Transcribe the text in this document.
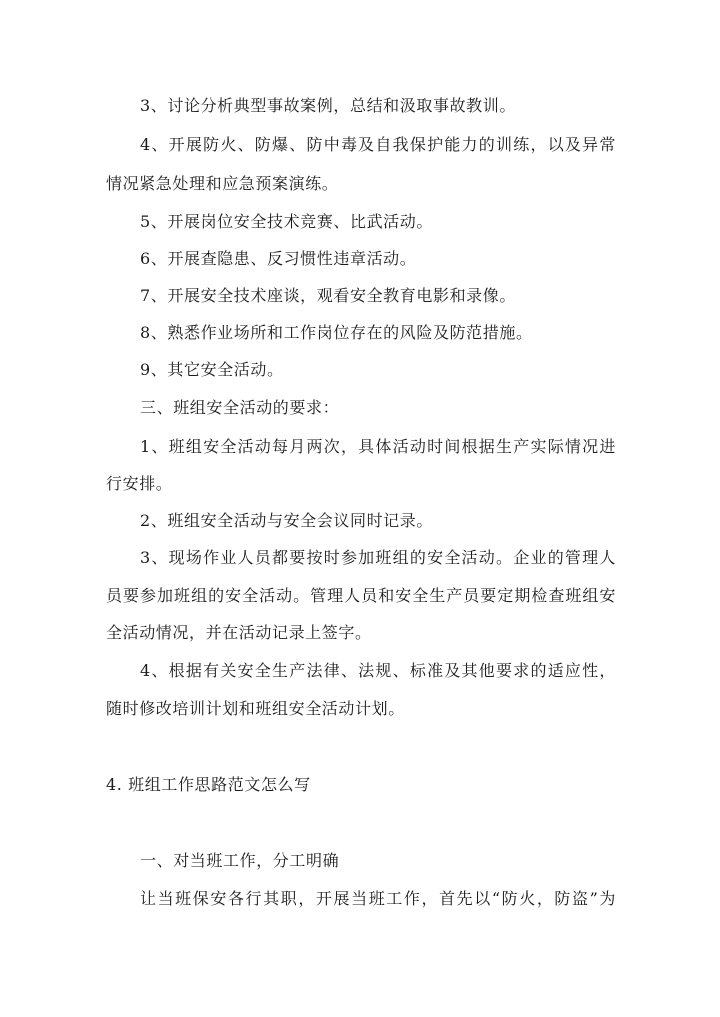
3、讨论分析典型事故案例，总结和汲取事故教训。
4、开展防火、防爆、防中毒及自我保护能力的训练，以及异常
情况紧急处理和应急预案演练。
5、开展岗位安全技术竞赛、比武活动。
6、开展查隐患、反习惯性违章活动。
7、开展安全技术座谈，观看安全教育电影和录像。
8、熟悉作业场所和工作岗位存在的风险及防范措施。
9、其它安全活动。
三、班组安全活动的要求：
1、班组安全活动每月两次，具体活动时间根据生产实际情况进
行安排。
2、班组安全活动与安全会议同时记录。
3、现场作业人员都要按时参加班组的安全活动。企业的管理人
员要参加班组的安全活动。管理人员和安全生产员要定期检查班组安
全活动情况，并在活动记录上签字。
4、根据有关安全生产法律、法规、标准及其他要求的适应性，
随时修改培训计划和班组安全活动计划。
4. 班组工作思路范文怎么写
一、对当班工作，分工明确
让当班保安各行其职，开展当班工作，首先以“防火，防盗”为
